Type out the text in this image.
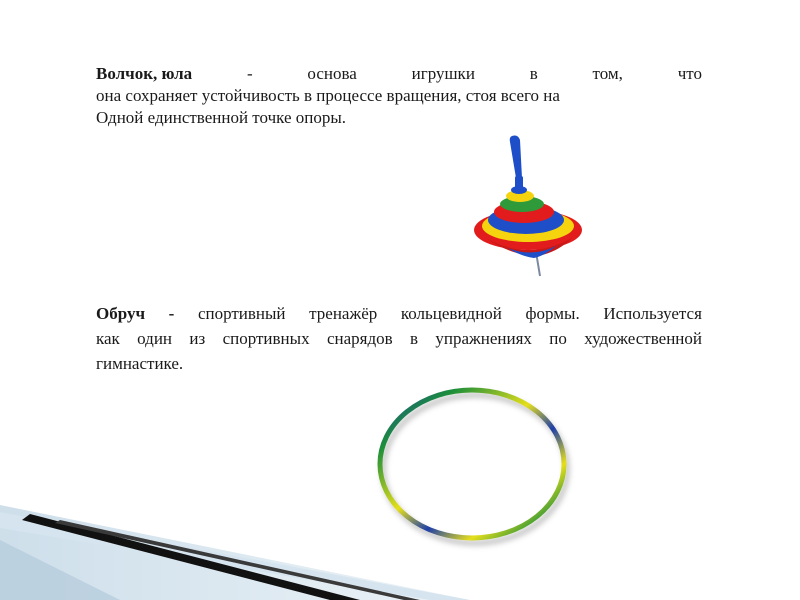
Волчок, юла	-	основа	игрушки	в	том,	что
она сохраняет устойчивость в процессе вращения, стоя всего на
Одной единственной точке опоры.
Обруч - спортивный тренажёр кольцевидной формы. Используется
как один из спортивных снарядов в упражнениях по художественной
гимнастике.
